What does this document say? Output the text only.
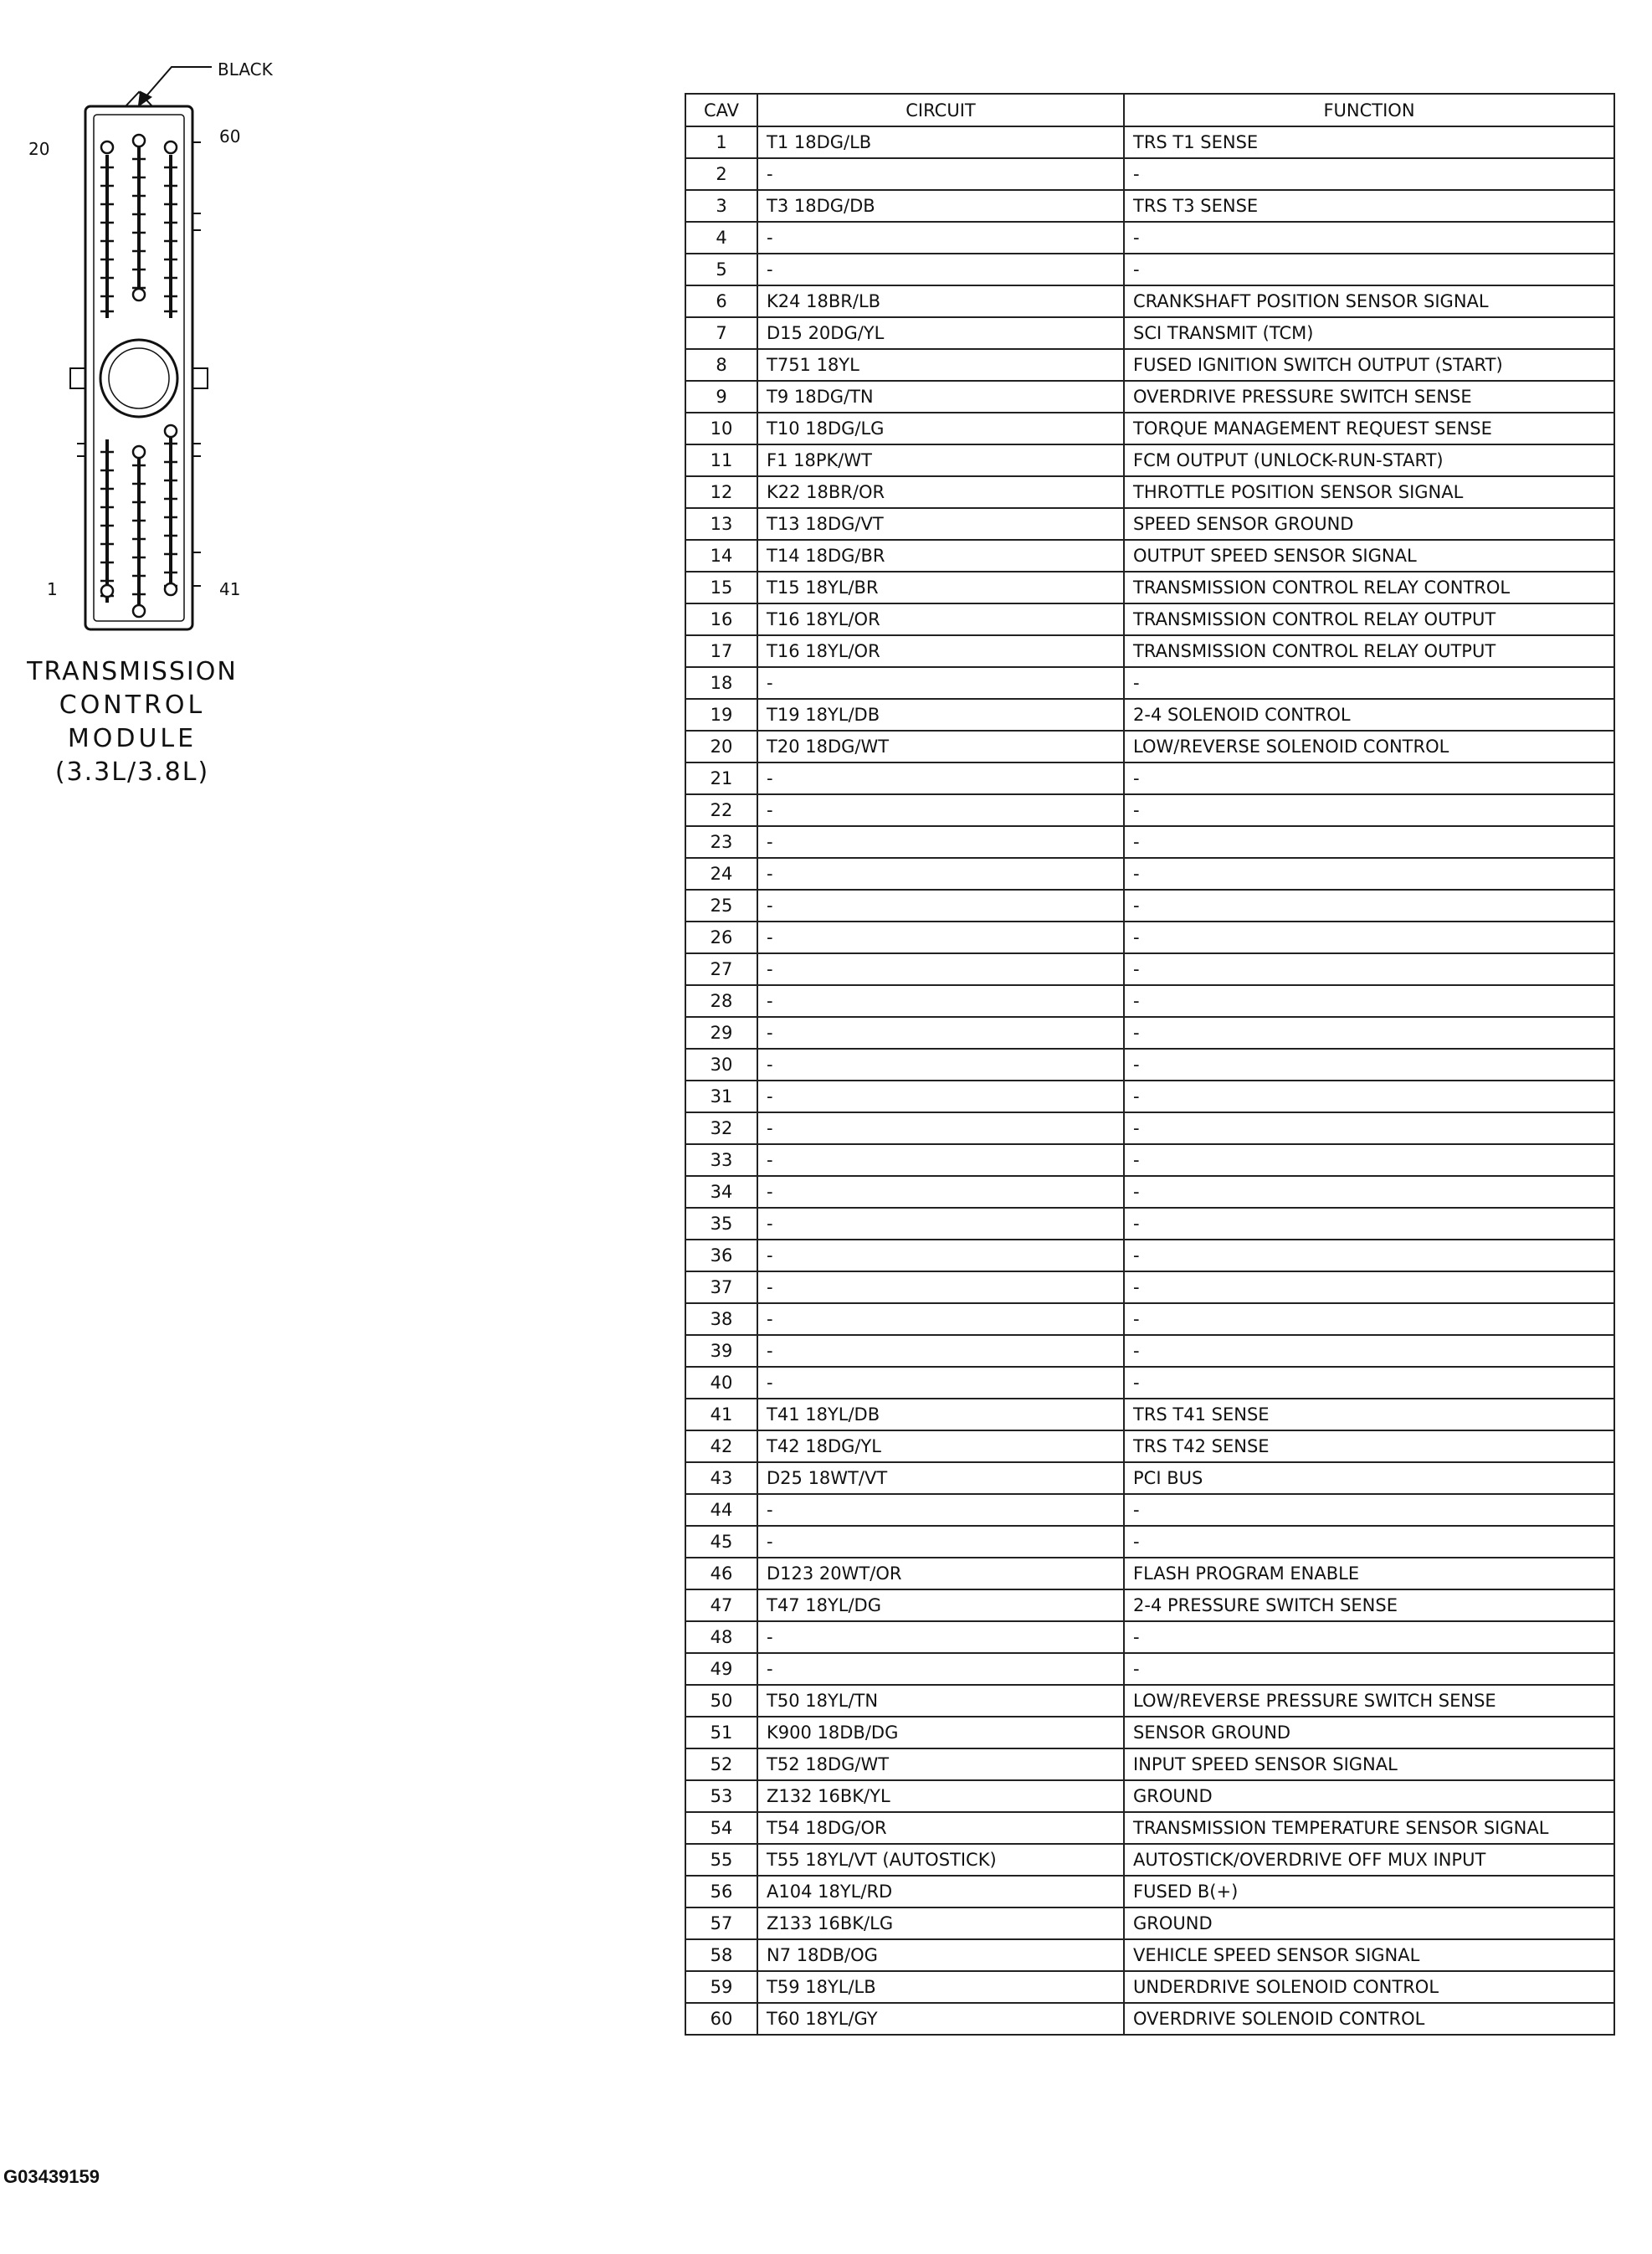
BLACK
20
60
1	41
TRANSMISSION
CONTROL
MODULE
(3.3L/3.8L)
CAV	CIRCUIT	FUNCTION
1	T1 18DG/LB	TRS T1 SENSE
2	-	-
3	T3 18DG/DB	TRS T3 SENSE
4	-	-
5	-	-
6	K24 18BR/LB	CRANKSHAFT POSITION SENSOR SIGNAL
7	D15 20DG/YL	SCI TRANSMIT (TCM)
8	T751 18YL	FUSED IGNITION SWITCH OUTPUT (START)
9	T9 18DG/TN	OVERDRIVE PRESSURE SWITCH SENSE
10	T10 18DG/LG	TORQUE MANAGEMENT REQUEST SENSE
11	F1 18PK/WT	FCM OUTPUT (UNLOCK-RUN-START)
12	K22 18BR/OR	THROTTLE POSITION SENSOR SIGNAL
13	T13 18DG/VT	SPEED SENSOR GROUND
14	T14 18DG/BR	OUTPUT SPEED SENSOR SIGNAL
15	T15 18YL/BR	TRANSMISSION CONTROL RELAY CONTROL
16	T16 18YL/OR	TRANSMISSION CONTROL RELAY OUTPUT
17	T16 18YL/OR	TRANSMISSION CONTROL RELAY OUTPUT
18	-	-
19	T19 18YL/DB	2-4 SOLENOID CONTROL
20	T20 18DG/WT	LOW/REVERSE SOLENOID CONTROL
21	-	-
22	-	-
23	-	-
24	-	-
25	-	-
26	-	-
27	-	-
28	-	-
29	-	-
30	-	-
31	-	-
32	-	-
33	-	-
34	-	-
35	-	-
36	-	-
37	-	-
38	-	-
39	-	-
40	-	-
41	T41 18YL/DB	TRS T41 SENSE
42	T42 18DG/YL	TRS T42 SENSE
43	D25 18WT/VT	PCI BUS
44	-	-
45	-	-
46	D123 20WT/OR	FLASH PROGRAM ENABLE
47	T47 18YL/DG	2-4 PRESSURE SWITCH SENSE
48	-	-
49	-	-
50	T50 18YL/TN	LOW/REVERSE PRESSURE SWITCH SENSE
51	K900 18DB/DG	SENSOR GROUND
52	T52 18DG/WT	INPUT SPEED SENSOR SIGNAL
53	Z132 16BK/YL	GROUND
54	T54 18DG/OR	TRANSMISSION TEMPERATURE SENSOR SIGNAL
55	T55 18YL/VT (AUTOSTICK)	AUTOSTICK/OVERDRIVE OFF MUX INPUT
56	A104 18YL/RD	FUSED B(+)
57	Z133 16BK/LG	GROUND
58	N7 18DB/OG	VEHICLE SPEED SENSOR SIGNAL
59	T59 18YL/LB	UNDERDRIVE SOLENOID CONTROL
60	T60 18YL/GY	OVERDRIVE SOLENOID CONTROL
G03439159
